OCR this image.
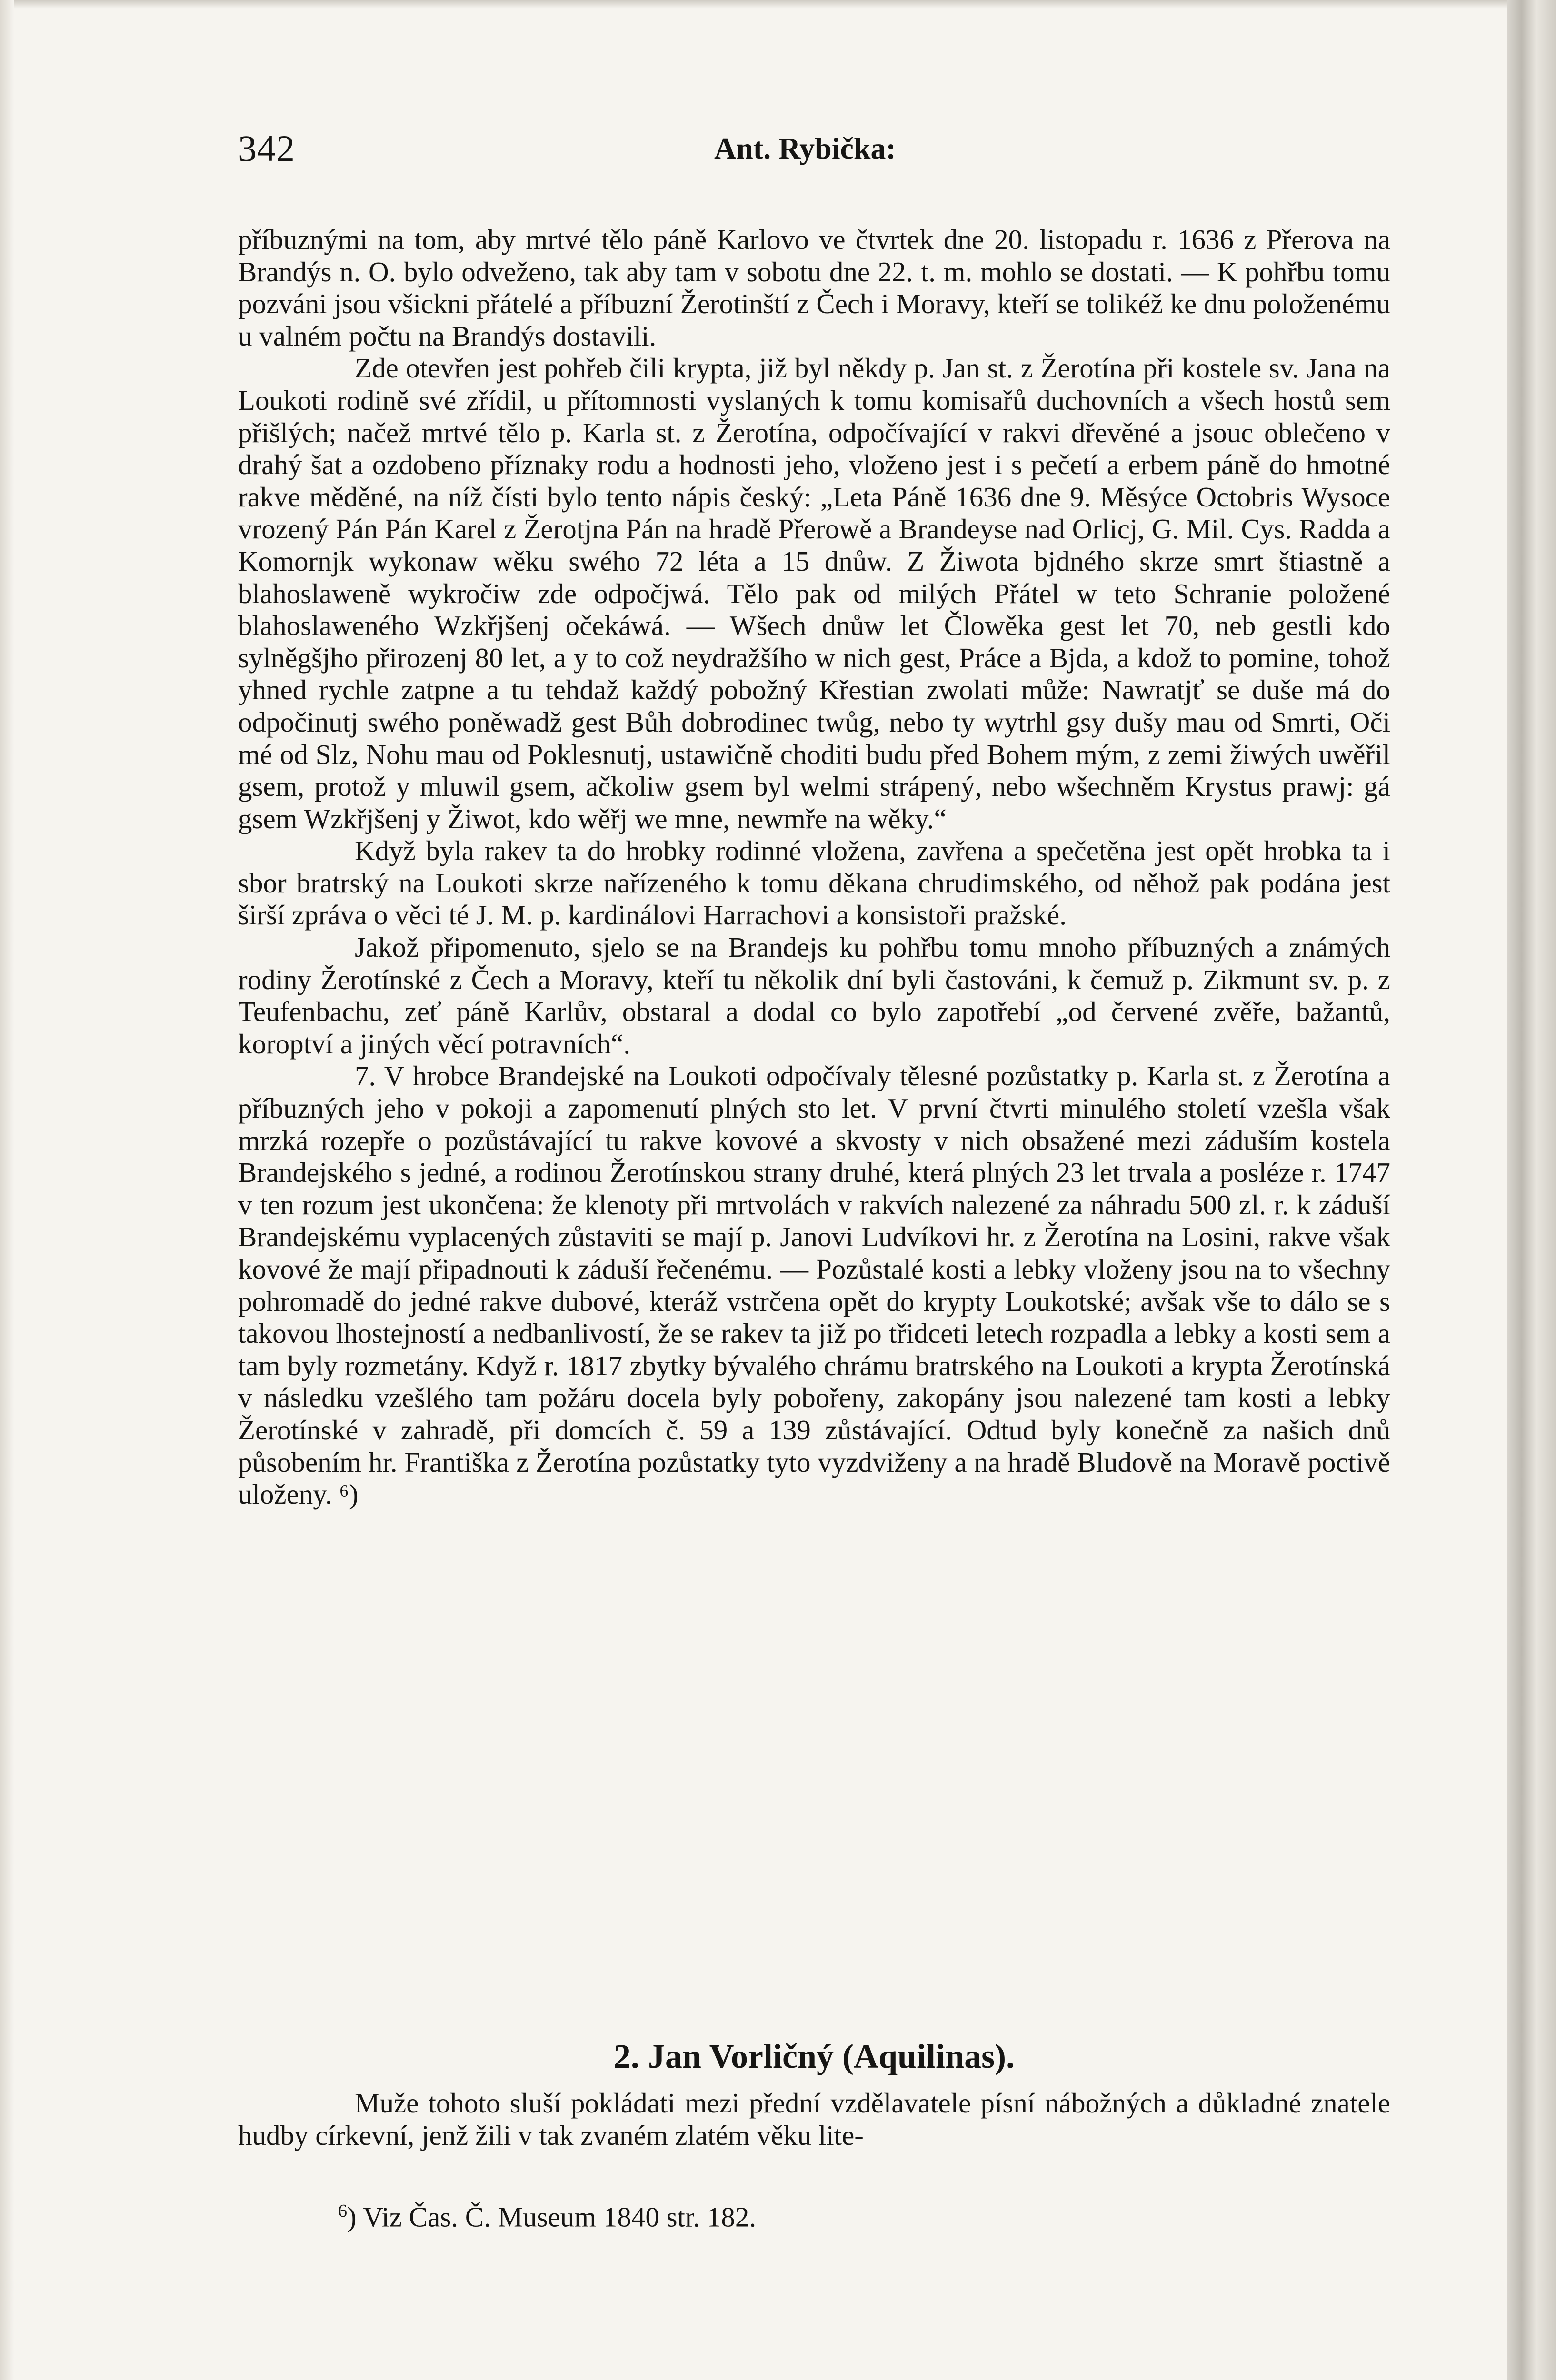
342	Ant. Rybička:

příbuznými na tom, aby mrtvé tělo páně Karlovo ve čtvrtek dne 20. listopadu r. 1636 z Přerova na Brandýs n. O. bylo odveženo, tak aby tam v sobotu dne 22. t. m. mohlo se dostati. — K pohřbu tomu pozváni jsou všickni přátelé a příbuzní Žerotinští z Čech i Moravy, kteří se tolikéž ke dnu položenému u valném počtu na Brandýs dostavili.

Zde otevřen jest pohřeb čili krypta, již byl někdy p. Jan st. z Žerotína při kostele sv. Jana na Loukoti rodině své zřídil, u přítomnosti vyslaných k tomu komisařů duchovních a všech hostů sem přišlých; načež mrtvé tělo p. Karla st. z Žerotína, odpočívající v rakvi dřevěné a jsouc oblečeno v drahý šat a ozdobeno příznaky rodu a hodnosti jeho, vloženo jest i s pečetí a erbem páně do hmotné rakve měděné, na níž čísti bylo tento nápis český: „Leta Páně 1636 dne 9. Měsýce Octobris Wysoce vrozený Pán Pán Karel z Žerotjna Pán na hradě Přerowě a Brandeyse nad Orlicj, G. Mil. Cys. Radda a Komornjk wykonaw wěku swého 72 léta a 15 dnůw. Z Žiwota bjdného skrze smrt štiastně a blahoslaweně wykročiw zde odpočjwá. Tělo pak od milých Přátel w teto Schranie položené blahoslaweného Wzkřjšenj očekáwá. — Wšech dnůw let Člowěka gest let 70, neb gestli kdo sylněgšjho přirozenj 80 let, a y to což neydražšího w nich gest, Práce a Bjda, a kdož to pomine, tohož yhned rychle zatpne a tu tehdaž každý pobožný Křestian zwolati může: Nawratjť se duše má do odpočinutj swého poněwadž gest Bůh dobrodinec twůg, nebo ty wytrhl gsy dušy mau od Smrti, Oči mé od Slz, Nohu mau od Poklesnutj, ustawičně choditi budu před Bohem mým, z zemi žiwých uwěřil gsem, protož y mluwil gsem, ačkoliw gsem byl welmi strápený, nebo wšechněm Krystus prawj: gá gsem Wzkřjšenj y Žiwot, kdo wěřj we mne, newmře na wěky.“

Když byla rakev ta do hrobky rodinné vložena, zavřena a spečetěna jest opět hrobka ta i sbor bratrský na Loukoti skrze nařízeného k tomu děkana chrudimského, od něhož pak podána jest širší zpráva o věci té J. M. p. kardinálovi Harrachovi a konsistoři pražské.

Jakož připomenuto, sjelo se na Brandejs ku pohřbu tomu mnoho příbuzných a známých rodiny Žerotínské z Čech a Moravy, kteří tu několik dní byli častováni, k čemuž p. Zikmunt sv. p. z Teufenbachu, zeť páně Karlův, obstaral a dodal co bylo zapotřebí „od červené zvěře, bažantů, koroptví a jiných věcí potravních“.

7. V hrobce Brandejské na Loukoti odpočívaly tělesné pozůstatky p. Karla st. z Žerotína a příbuzných jeho v pokoji a zapomenutí plných sto let. V první čtvrti minulého století vzešla však mrzká rozepře o pozůstávající tu rakve kovové a skvosty v nich obsažené mezi záduším kostela Brandejského s jedné, a rodinou Žerotínskou strany druhé, která plných 23 let trvala a posléze r. 1747 v ten rozum jest ukončena: že klenoty při mrtvolách v rakvích nalezené za náhradu 500 zl. r. k záduší Brandejskému vyplacených zůstaviti se mají p. Janovi Ludvíkovi hr. z Žerotína na Losini, rakve však kovové že mají připadnouti k záduší řečenému. — Pozůstalé kosti a lebky vloženy jsou na to všechny pohromadě do jedné rakve dubové, kteráž vstrčena opět do krypty Loukotské; avšak vše to dálo se s takovou lhostejností a nedbanlivostí, že se rakev ta již po třidceti letech rozpadla a lebky a kosti sem a tam byly rozmetány. Když r. 1817 zbytky bývalého chrámu bratrského na Loukoti a krypta Žerotínská v následku vzešlého tam požáru docela byly pobořeny, zakopány jsou nalezené tam kosti a lebky Žerotínské v zahradě, při domcích č. 59 a 139 zůstávající. Odtud byly konečně za našich dnů působením hr. Františka z Žerotína pozůstatky tyto vyzdviženy a na hradě Bludově na Moravě poctivě uloženy. ⁶)

2. Jan Vorličný (Aquilinas).
Muže tohoto sluší pokládati mezi přední vzdělavatele písní nábožných a důkladné znatele hudby církevní, jenž žili v tak zvaném zlatém věku lite-
$^6$) Viz Čas. Č. Museum 1840 str. 182.
